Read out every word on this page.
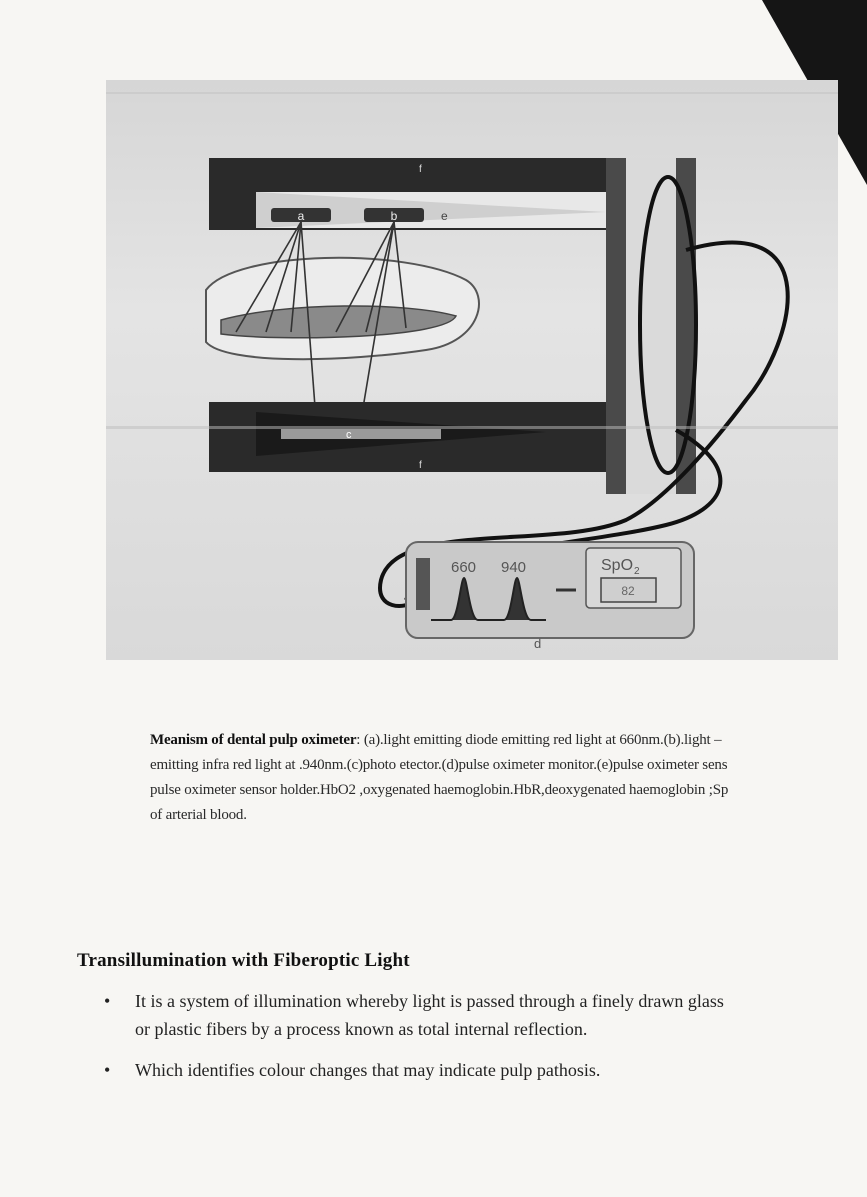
a	b	e
f
c
f
660 940	SpO 2
82
d
Meanism of dental pulp oximeter: (a).light emitting diode emitting red light at 660nm.(b).light –
emitting infra red light at .940nm.(c)photo etector.(d)pulse oximeter monitor.(e)pulse oximeter sens
pulse oximeter sensor holder.HbO2 ,oxygenated haemoglobin.HbR,deoxygenated haemoglobin ;Sp
of arterial blood.
Transillumination with Fiberoptic Light
• It is a system of illumination whereby light is passed through a finely drawn glass or plastic fibers by a process known as total internal reflection.
• Which identifies colour changes that may indicate pulp pathosis.
